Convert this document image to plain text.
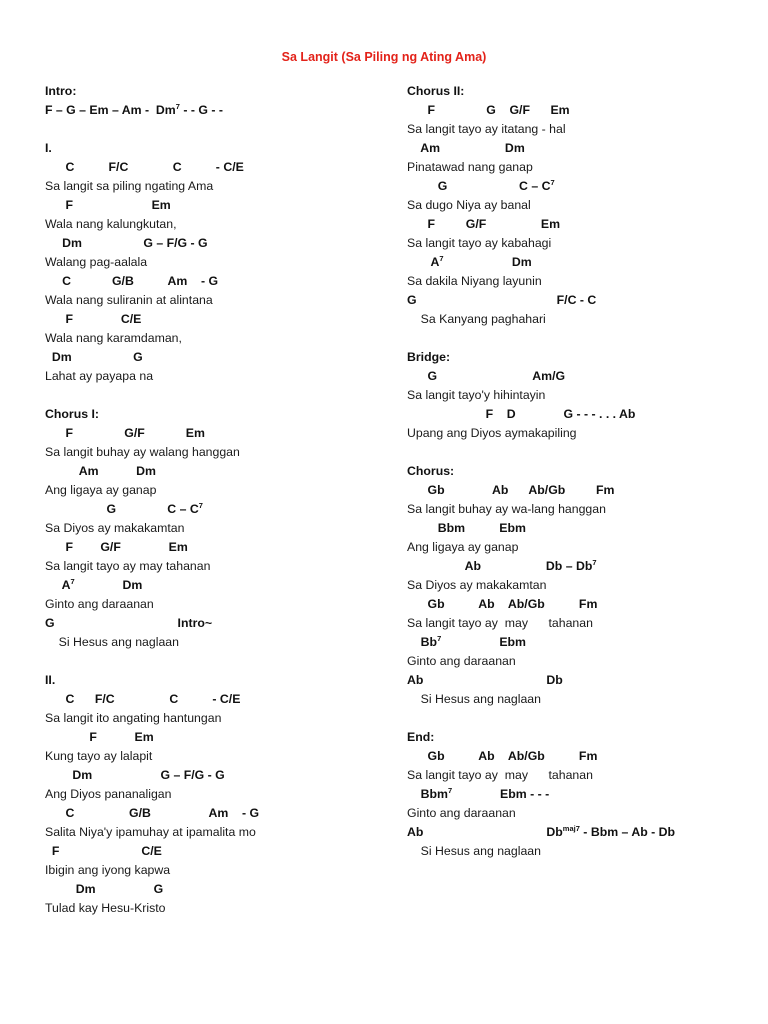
Sa Langit (Sa Piling ng Ating Ama)
Intro:
F – G – Em – Am -  Dm$^7$ - - G - -
I.
C          F/C             C          - C/E
Sa langit sa piling ngating Ama
F                       Em
Wala nang kalungkutan,
Dm                  G – F/G - G
Walang pag-aalala
C            G/B          Am    - G
Wala nang suliranin at alintana
F              C/E
Wala nang karamdaman,
Dm                  G
Lahat ay payapa na
Chorus I:
F               G/F            Em
Sa langit buhay ay walang hanggan
Am           Dm
Ang ligaya ay ganap
G               C – $C^7$
Sa Diyos ay makakamtan
F        G/F              Em
Sa langit tayo ay may tahanan
$A^7$              Dm
Ginto ang daraanan
G                                    Intro~
Si Hesus ang naglaan
II.
C      F/C                C          - C/E
Sa langit ito angating hantungan
F           Em
Kung tayo ay lalapit
Dm                    G – F/G - G
Ang Diyos pananaligan
C                G/B                 Am    - G
Salita Niya'y ipamuhay at ipamalita mo
F                        C/E
Ibigin ang iyong kapwa
Dm                 G
Tulad kay Hesu-Kristo
Chorus II:
F               G    G/F      Em
Sa langit tayo ay itatang - hal
Am                   Dm
Pinatawad nang ganap
G                     C – $C^7$
Sa dugo Niya ay banal
F         G/F                Em
Sa langit tayo ay kabahagi
$A^7$                    Dm
Sa dakila Niyang layunin
G                                         F/C - C
Sa Kanyang paghahari
Bridge:
G                            Am/G
Sa langit tayo'y hihintayin
F    D              G - - - . . . Ab
Upang ang Diyos aymakapiling
Chorus:
Gb              Ab      Ab/Gb         Fm
Sa langit buhay ay wa-lang hanggan
Bbm          Ebm
Ang ligaya ay ganap
Ab                   Db – Db$^7$
Sa Diyos ay makakamtan
Gb          Ab    Ab/Gb          Fm
Sa langit tayo ay  may      tahanan
Bb$^7$                 Ebm
Ginto ang daraanan
Ab                                    Db
Si Hesus ang naglaan
End:
Gb          Ab    Ab/Gb          Fm
Sa langit tayo ay  may      tahanan
Bbm$^7$              Ebm - - -
Ginto ang daraanan
Ab                                    $Db^{maj7}$ - Bbm – Ab - Db
Si Hesus ang naglaan
